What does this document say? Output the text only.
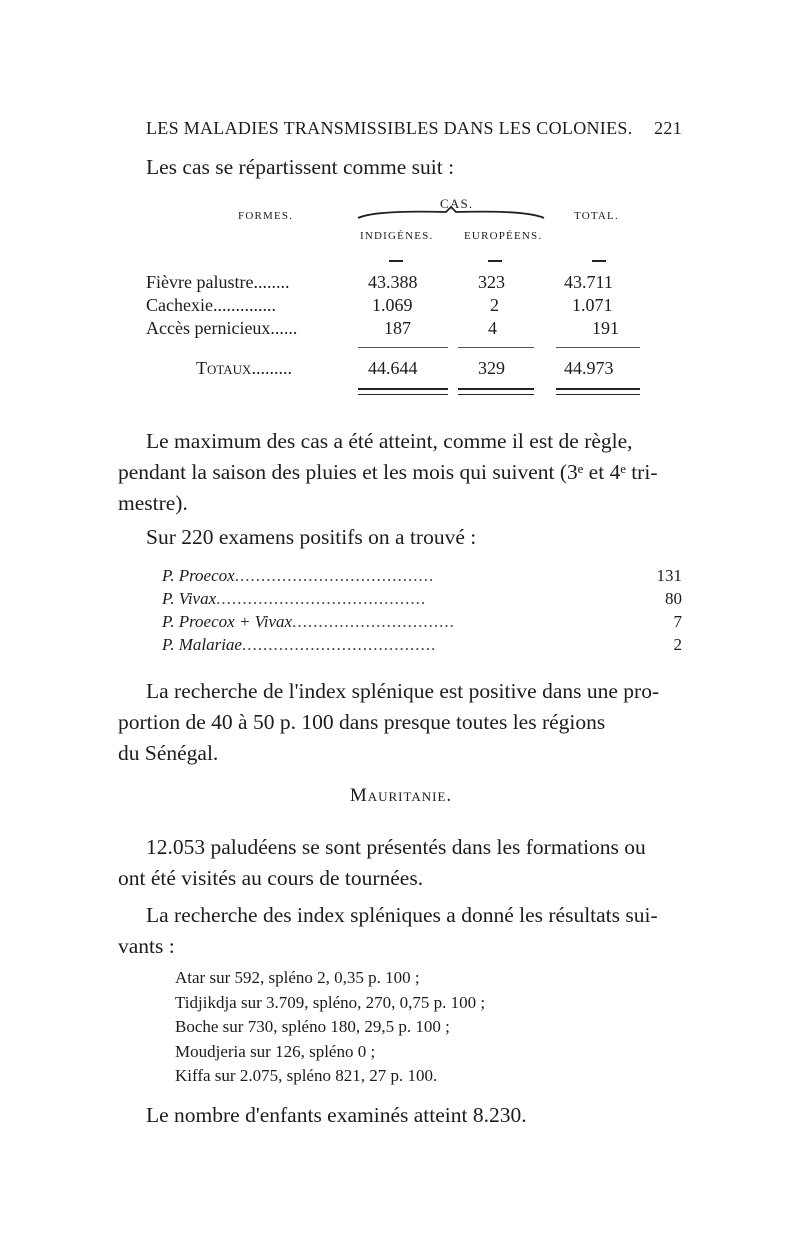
LES MALADIES TRANSMISSIBLES DANS LES COLONIES. 221
Les cas se répartissent comme suit :
FORMES.
CAS.
TOTAL.
INDIGÈNES.	EUROPÉENS.
Fièvre palustre........	43.388	323	43.711
Cachexie..............	1.069	2	1.071
Accès pernicieux......	187	4	191
Totaux.........	44.644	329	44.973
Le maximum des cas a été atteint, comme il est de règle,
pendant la saison des pluies et les mois qui suivent (3ᵉ et 4ᵉ tri-
mestre).
Sur 220 examens positifs on a trouvé :
P. Proecox......................................	131
P. Vivax........................................	80
P. Proecox + Vivax...............................	7
P. Malariae.....................................	2
La recherche de l'index splénique est positive dans une pro-
portion de 40 à 50 p. 100 dans presque toutes les régions
du Sénégal.
Mauritanie.
12.053 paludéens se sont présentés dans les formations ou
ont été visités au cours de tournées.
La recherche des index spléniques a donné les résultats sui-
vants :
Atar sur 592, spléno 2, 0,35 p. 100 ;
Tidjikdja sur 3.709, spléno, 270, 0,75 p. 100 ;
Boche sur 730, spléno 180, 29,5 p. 100 ;
Moudjeria sur 126, spléno 0 ;
Kiffa sur 2.075, spléno 821, 27 p. 100.
Le nombre d'enfants examinés atteint 8.230.
